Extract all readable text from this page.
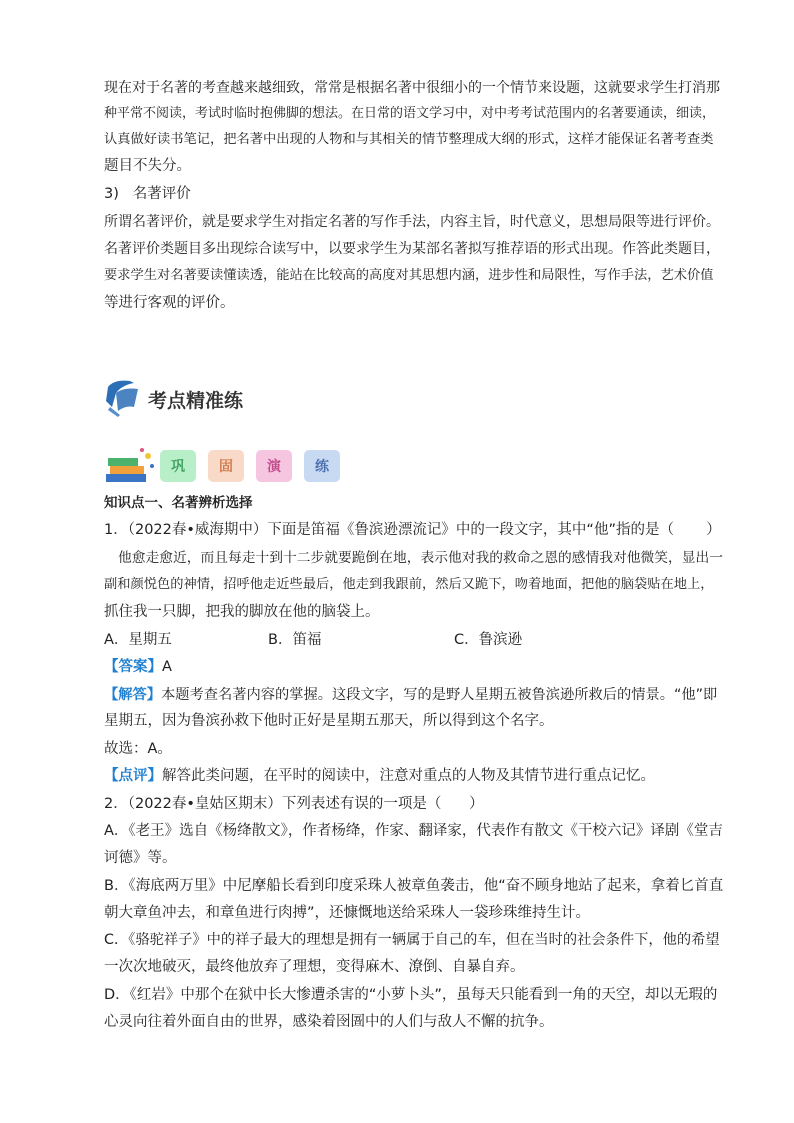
现在对于名著的考查越来越细致，常常是根据名著中很细小的一个情节来设题，这就要求学生打消那

种平常不阅读，考试时临时抱佛脚的想法。在日常的语文学习中，对中考考试范围内的名著要通读，细读，

认真做好读书笔记，把名著中出现的人物和与其相关的情节整理成大纲的形式，这样才能保证名著考查类

题目不失分。

3)   名著评价

所谓名著评价，就是要求学生对指定名著的写作手法，内容主旨，时代意义，思想局限等进行评价。

名著评价类题目多出现综合读写中，以要求学生为某部名著拟写推荐语的形式出现。作答此类题目，

要求学生对名著要读懂读透，能站在比较高的高度对其思想内涵，进步性和局限性，写作手法，艺术价值

等进行客观的评价。

考点精准练
巩	固	演	练

知识点一、名著辨析选择

1．（2022春•威海期中）下面是笛福《鲁滨逊漂流记》中的一段文字，其中“他”指的是（       ）

他愈走愈近，而且每走十到十二步就要跪倒在地，表示他对我的救命之恩的感情我对他微笑，显出一

副和颜悦色的神情，招呼他走近些最后，他走到我跟前，然后又跪下，吻着地面，把他的脑袋贴在地上，

抓住我一只脚，把我的脚放在他的脑袋上。

A．星期五	B．笛福	C．鲁滨逊

【答案】A

【解答】本题考查名著内容的掌握。这段文字，写的是野人星期五被鲁滨逊所救后的情景。“他”即

星期五，因为鲁滨孙救下他时正好是星期五那天，所以得到这个名字。

故选：A。

【点评】解答此类问题，在平时的阅读中，注意对重点的人物及其情节进行重点记忆。

2．（2022春•皇姑区期末）下列表述有误的一项是（      ）

A．《老王》选自《杨绛散文》，作者杨绛，作家、翻译家，代表作有散文《干校六记》译剧《堂吉

诃德》等。

B．《海底两万里》中尼摩船长看到印度采珠人被章鱼袭击，他“奋不顾身地站了起来，拿着匕首直

朝大章鱼冲去，和章鱼进行肉搏”，还慷慨地送给采珠人一袋珍珠维持生计。

C．《骆驼祥子》中的祥子最大的理想是拥有一辆属于自己的车，但在当时的社会条件下，他的希望

一次次地破灭，最终他放弃了理想，变得麻木、潦倒、自暴自弃。

D．《红岩》中那个在狱中长大惨遭杀害的“小萝卜头”，虽每天只能看到一角的天空，却以无瑕的

心灵向往着外面自由的世界，感染着囹圄中的人们与敌人不懈的抗争。
